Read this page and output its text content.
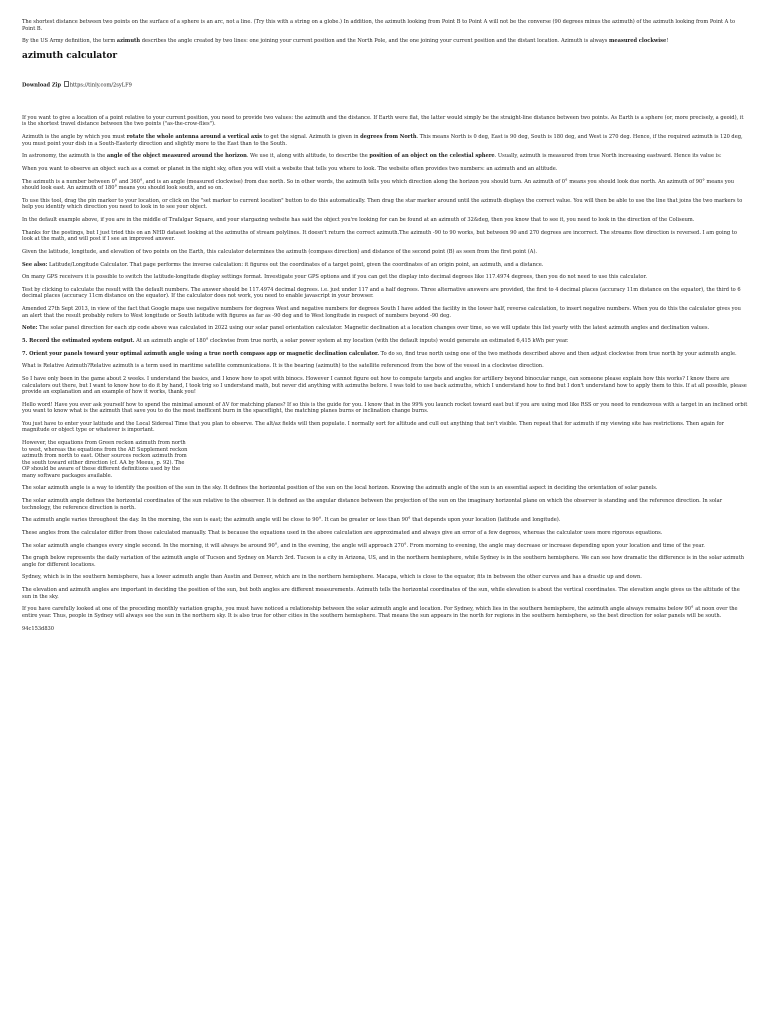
The shortest distance between two points on the surface of a sphere is an arc, not a line. (Try this with a string on a globe.) In addition, the azimuth looking from Point B to Point A will not be the converse (90 degrees minus the azimuth) of the azimuth looking from Point A to Point B.

By the US Army definition, the term azimuth describes the angle created by two lines: one joining your current position and the North Pole, and the one joining your current position and the distant location. Azimuth is always measured clockwise!

azimuth calculator
Download Zip https://tinly.com/2syLF9

If you want to give a location of a point relative to your current position, you need to provide two values: the azimuth and the distance. If Earth were flat, the latter would simply be the straight-line distance between two points. As Earth is a sphere (or, more precisely, a geoid), it is the shortest travel distance between the two points ("as-the-crow-flies").

Azimuth is the angle by which you must rotate the whole antenna around a vertical axis to get the signal. Azimuth is given in degrees from North. This means North is 0 deg, East is 90 deg, South is 180 deg, and West is 270 deg. Hence, if the required azimuth is 120 deg, you must point your dish in a South-Easterly direction and slightly more to the East than to the South.

In astronomy, the azimuth is the angle of the object measured around the horizon. We use it, along with altitude, to describe the position of an object on the celestial sphere. Usually, azimuth is measured from true North increasing eastward. Hence its value is:

When you want to observe an object such as a comet or planet in the night sky, often you will visit a website that tells you where to look. The website often provides two numbers: an azimuth and an altitude.

The azimuth is a number between 0° and 360°, and is an angle (measured clockwise) from due north. So in other words, the azimuth tells you which direction along the horizon you should turn. An azimuth of 0° means you should look due north. An azimuth of 90° means you should look east. An azimuth of 180° means you should look south, and so on.

To use this tool, drag the pin marker to your location, or click on the "set marker to current location" button to do this automatically. Then drag the star marker around until the azimuth displays the correct value. You will then be able to use the line that joins the two markers to help you identify which direction you need to look in to see your object.

In the default example above, if you are in the middle of Trafalgar Square, and your stargazing website has said the object you're looking for can be found at an azimuth of 32&deg, then you know that to see it, you need to look in the direction of the Coliseum.

Thanks for the postings, but I just tried this on an NHD dataset looking at the azimuths of stream polylines. It doesn't return the correct azimuth.The azimuth -90 to 90 works, but between 90 and 270 degrees are incorrect. The streams flow direction is reversed. I am going to look at the math, and will post if I see an improved answer.

Given the latitude, longitude, and elevation of two points on the Earth, this calculator determines the azimuth (compass direction) and distance of the second point (B) as seen from the first point (A).

See also: Latitude/Longitude Calculator. That page performs the inverse calculation: it figures out the coordinates of a target point, given the coordinates of an origin point, an azimuth, and a distance.

On many GPS receivers it is possible to switch the latitude-longitude display settings format. Investigate your GPS options and if you can get the display into decimal degrees like 117.4974 degrees, then you do not need to use this calculator.

Test by clicking to calculate the result with the default numbers. The answer should be 117.4974 decimal degrees. i.e. just under 117 and a half degrees. Three alternative answers are provided, the first to 4 decimal places (accuracy 11m distance on the equator), the third to 6 decimal places (accuracy 11cm distance on the equator). If the calculator does not work, you need to enable javascript in your browser.

Amended 27th Sept 2013, in view of the fact that Google maps use negative numbers for degrees West and negative numbers for degrees South I have added the facility in the lower half, reverse calculation, to insert negative numbers. When you do this the calculator gives you an alert that the result probably refers to West longitude or South latitude with figures as far as -90 deg and to West longitude in respect of numbers beyond -90 deg.

Note: The solar panel direction for each zip code above was calculated in 2022 using our solar panel orientation calculator. Magnetic declination at a location changes over time, so we will update this list yearly with the latest azimuth angles and declination values.

5. Record the estimated system output. At an azimuth angle of 180° clockwise from true north, a solar power system at my location (with the default inputs) would generate an estimated 6,415 kWh per year.

7. Orient your panels toward your optimal azimuth angle using a true north compass app or magnetic declination calculator. To do so, find true north using one of the two methods described above and then adjust clockwise from true north by your azimuth angle.

What is Relative Azimuth?Relative azimuth is a term used in maritime satellite communications. It is the bearing (azimuth) to the satellite referenced from the bow of the vessel in a clockwise direction.

So I have only been in the game about 2 weeks. I understand the basics, and I know how to spot with binocs. However I cannot figure out how to compute targets and angles for artillery beyond binocular range, can someone please explain how this works? I know there are calculators out there, but I want to know how to do it by hand, I took trig so I understand math, but never did anything with azimuths before. I was told to use back azimuths, which I understand how to find but I don't understand how to apply them to this. If at all possible, please provide an explanation and an example of how it works, thank you!

Hello word! Have you ever ask yourself how to spend the minimal amount of ΔV for matching planes? If so this is the guide for you. I know that in the 99% you launch rocket toward east but if you are using mod like RSS or you need to rendezvous with a target in an inclined orbit you want to know what is the azimuth that save you to do the most inefficent burn in the spaceflight, the matching planes burns or inclination change burns.

You just have to enter your latitude and the Local Sidereal Time that you plan to observe. The alt/az fields will then populate. I normally sort for altitude and cull out anything that isn't visible. Then repeat that for azimuth if my viewing site has restrictions. Then again for magnitude or object type or whatever is important.

However, the equations from Green reckon azimuth from north to west, whereas the equations from the AE Supplement reckon azimuth from north to east. Other sources reckon azimuth from the south toward either direction (cf. AA by Meeus, p. 92). The OP should be aware of these different definitions used by the many software packages available.

The solar azimuth angle is a way to identify the position of the sun in the sky. It defines the horizontal position of the sun on the local horizon. Knowing the azimuth angle of the sun is an essential aspect in deciding the orientation of solar panels.

The solar azimuth angle defines the horizontal coordinates of the sun relative to the observer. It is defined as the angular distance between the projection of the sun on the imaginary horizontal plane on which the observer is standing and the reference direction. In solar technology, the reference direction is north.

The azimuth angle varies throughout the day. In the morning, the sun is east; the azimuth angle will be close to 90°. It can be greater or less than 90° that depends upon your location (latitude and longitude).

These angles from the calculator differ from those calculated manually. That is because the equations used in the above calculation are approximated and always give an error of a few degrees, whereas the calculator uses more rigorous equations.

The solar azimuth angle changes every single second. In the morning, it will always be around 90°, and in the evening, the angle will approach 270°. From morning to evening, the angle may decrease or increase depending upon your location and time of the year.

The graph below represents the daily variation of the azimuth angle of Tucson and Sydney on March 3rd. Tucson is a city in Arizona, US, and in the northern hemisphere, while Sydney is in the southern hemisphere. We can see how dramatic the difference is in the solar azimuth angle for different locations.

Sydney, which is in the southern hemisphere, has a lower azimuth angle than Austin and Denver, which are in the northern hemisphere. Macapa, which is close to the equator, fits in between the other curves and has a drastic up and down.

The elevation and azimuth angles are important in deciding the position of the sun, but both angles are different measurements. Azimuth tells the horizontal coordinates of the sun, while elevation is about the vertical coordinates. The elevation angle gives us the altitude of the sun in the sky.

If you have carefully looked at one of the preceding monthly variation graphs, you must have noticed a relationship between the solar azimuth angle and location. For Sydney, which lies in the southern hemisphere, the azimuth angle always remains below 90° at noon over the entire year. Thus, people in Sydney will always see the sun in the northern sky. It is also true for other cities in the southern hemisphere. That means the sun appears in the north for regions in the southern hemisphere, so the best direction for solar panels will be south.

94c153d830
